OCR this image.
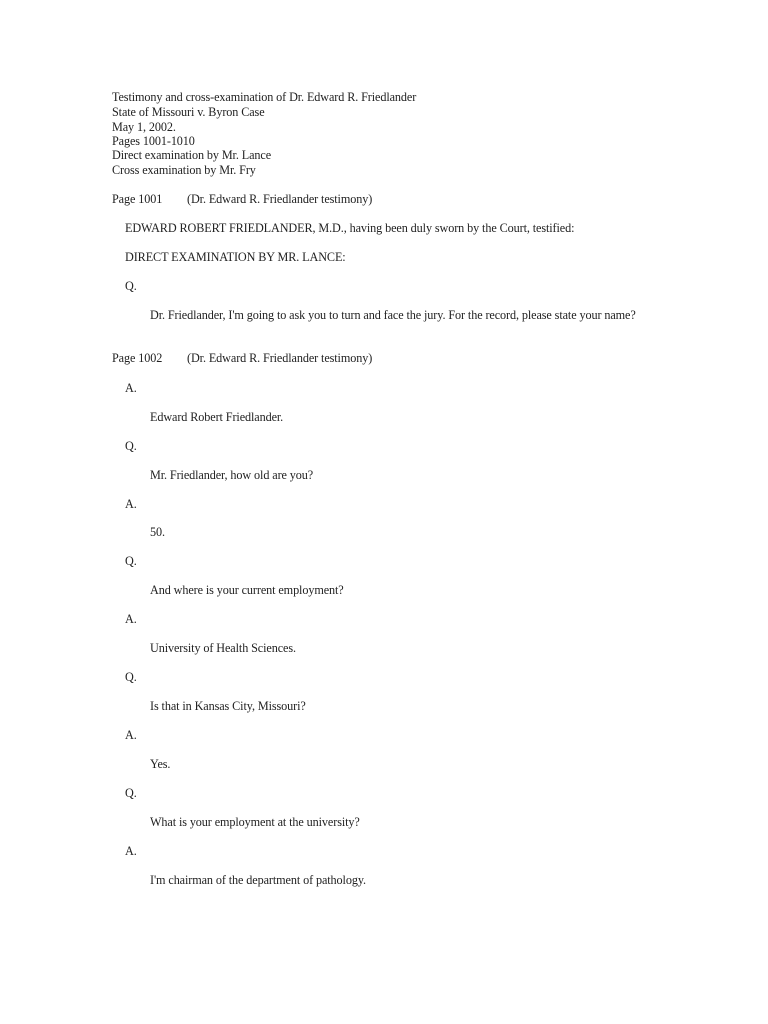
Testimony and cross-examination of Dr. Edward R. Friedlander
State of Missouri v. Byron Case
May 1, 2002.
Pages 1001-1010
Direct examination by Mr. Lance
Cross examination by Mr. Fry
Page 1001 (Dr. Edward R. Friedlander testimony)
EDWARD ROBERT FRIEDLANDER, M.D., having been duly sworn by the Court, testified:
DIRECT EXAMINATION BY MR. LANCE:
Q.
Dr. Friedlander, I'm going to ask you to turn and face the jury. For the record, please state your name?
Page 1002 (Dr. Edward R. Friedlander testimony)
A.
Edward Robert Friedlander.
Q.
Mr. Friedlander, how old are you?
A.
50.
Q.
And where is your current employment?
A.
University of Health Sciences.
Q.
Is that in Kansas City, Missouri?
A.
Yes.
Q.
What is your employment at the university?
A.
I'm chairman of the department of pathology.
